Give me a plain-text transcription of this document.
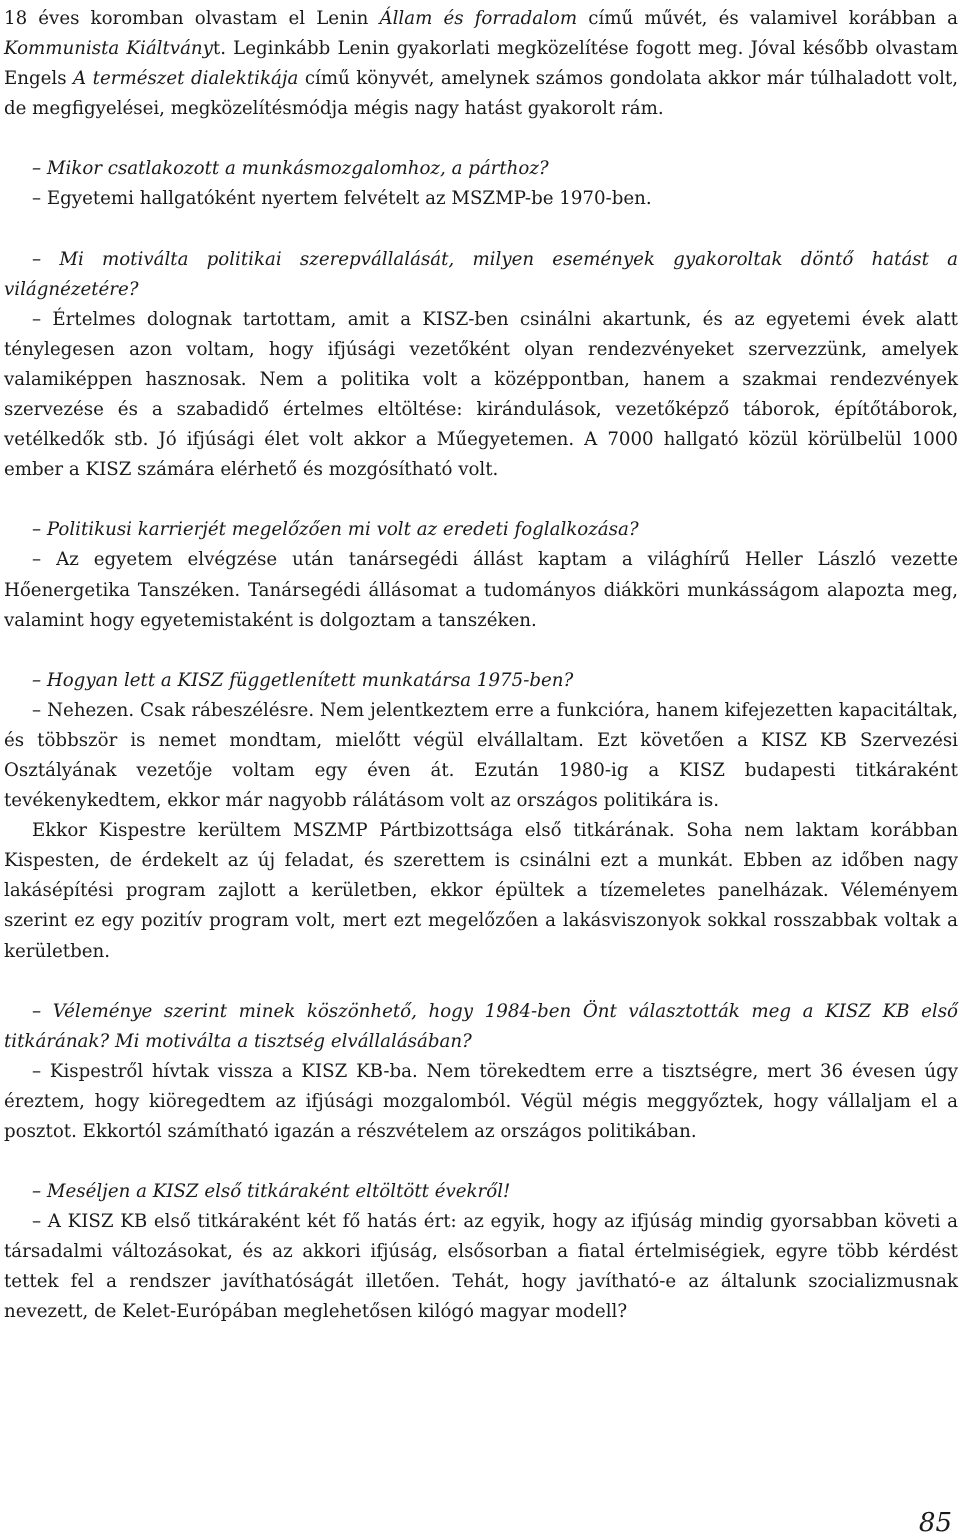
18 éves koromban olvastam el Lenin Állam és forradalom című művét, és valamivel korábban a Kommunista Kiáltványt. Leginkább Lenin gyakorlati megközelítése fogott meg. Jóval később olvastam Engels A természet dialektikája című könyvét, amelynek számos gondolata akkor már túlhaladott volt, de megfigyelései, megközelítésmódja mégis nagy hatást gyakorolt rám.

– Mikor csatlakozott a munkásmozgalomhoz, a párthoz?

– Egyetemi hallgatóként nyertem felvételt az MSZMP-be 1970-ben.

– Mi motiválta politikai szerepvállalását, milyen események gyakoroltak döntő hatást a világnézetére?

– Értelmes dolognak tartottam, amit a KISZ-ben csinálni akartunk, és az egyetemi évek alatt ténylegesen azon voltam, hogy ifjúsági vezetőként olyan rendezvényeket szervezzünk, amelyek valamiképpen hasznosak. Nem a politika volt a középpontban, hanem a szakmai rendezvények szervezése és a szabadidő értelmes eltöltése: kirándulások, vezetőképző táborok, építőtáborok, vetélkedők stb. Jó ifjúsági élet volt akkor a Műegyetemen. A 7000 hallgató közül körülbelül 1000 ember a KISZ számára elérhető és mozgósítható volt.

– Politikusi karrierjét megelőzően mi volt az eredeti foglalkozása?

– Az egyetem elvégzése után tanársegédi állást kaptam a világhírű Heller László vezette Hőenergetika Tanszéken. Tanársegédi állásomat a tudományos diákköri munkásságom alapozta meg, valamint hogy egyetemistaként is dolgoztam a tanszéken.

– Hogyan lett a KISZ függetlenített munkatársa 1975-ben?

– Nehezen. Csak rábeszélésre. Nem jelentkeztem erre a funkcióra, hanem kifejezetten kapacitáltak, és többször is nemet mondtam, mielőtt végül elvállaltam. Ezt követően a KISZ KB Szervezési Osztályának vezetője voltam egy éven át. Ezután 1980-ig a KISZ budapesti titkáraként tevékenykedtem, ekkor már nagyobb rálátásom volt az országos politikára is.

Ekkor Kispestre kerültem MSZMP Pártbizottsága első titkárának. Soha nem laktam korábban Kispesten, de érdekelt az új feladat, és szerettem is csinálni ezt a munkát. Ebben az időben nagy lakásépítési program zajlott a kerületben, ekkor épültek a tízemeletes panelházak. Véleményem szerint ez egy pozitív program volt, mert ezt megelőzően a lakásviszonyok sokkal rosszabbak voltak a kerületben.

– Véleménye szerint minek köszönhető, hogy 1984-ben Önt választották meg a KISZ KB első titkárának? Mi motiválta a tisztség elvállalásában?

– Kispestről hívtak vissza a KISZ KB-ba. Nem törekedtem erre a tisztségre, mert 36 évesen úgy éreztem, hogy kiöregedtem az ifjúsági mozgalomból. Végül mégis meggyőztek, hogy vállaljam el a posztot. Ekkortól számítható igazán a részvételem az országos politikában.

– Meséljen a KISZ első titkáraként eltöltött évekről!

– A KISZ KB első titkáraként két fő hatás ért: az egyik, hogy az ifjúság mindig gyorsabban követi a társadalmi változásokat, és az akkori ifjúság, elsősorban a fiatal értelmiségiek, egyre több kérdést tettek fel a rendszer javíthatóságát illetően. Tehát, hogy javítható-e az általunk szocializmusnak nevezett, de Kelet-Európában meglehetősen kilógó magyar modell?

85
